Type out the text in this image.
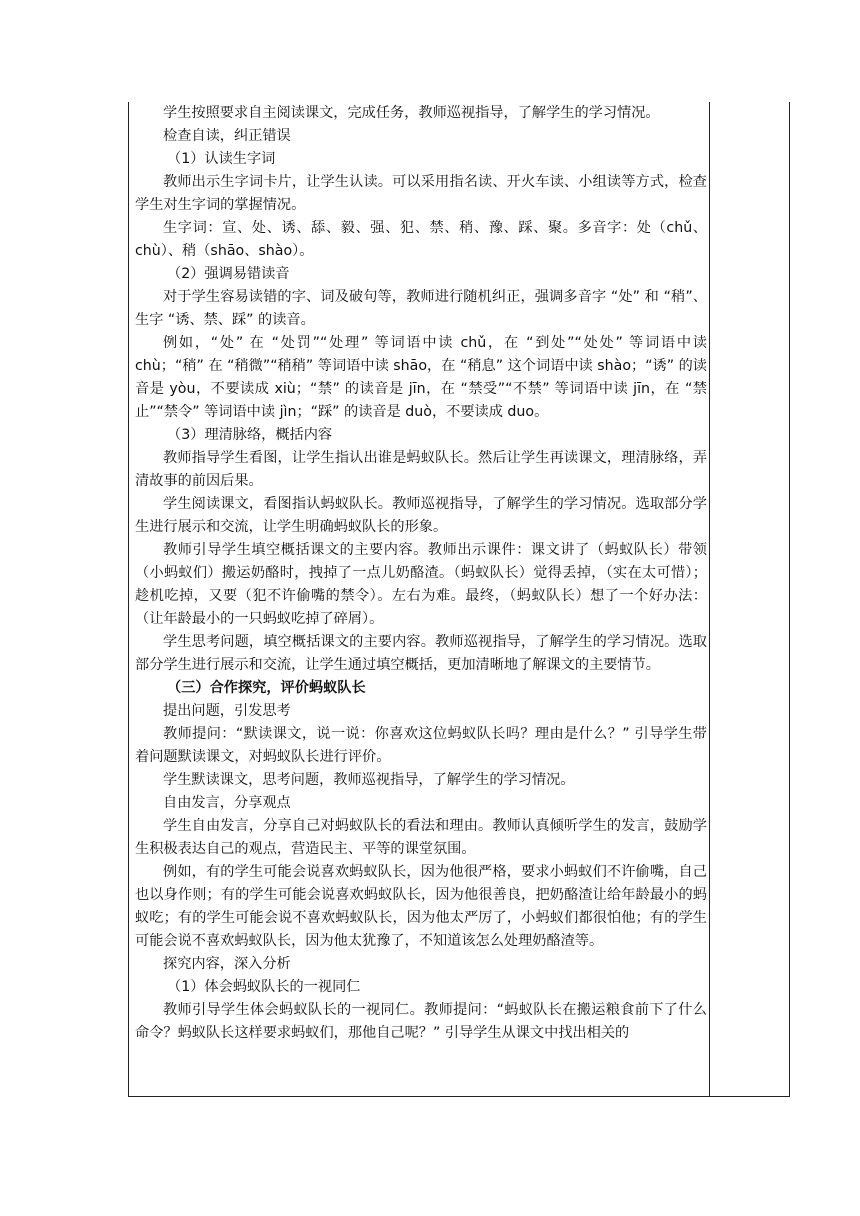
学生按照要求自主阅读课文，完成任务，教师巡视指导，了解学生的学习情况。

检查自读，纠正错误

（1）认读生字词

教师出示生字词卡片，让学生认读。可以采用指名读、开火车读、小组读等方式，检查学生对生字词的掌握情况。

生字词：宣、处、诱、舔、毅、强、犯、禁、稍、豫、踩、聚。多音字：处（chǔ、chù）、稍（shāo、shào）。

（2）强调易错读音

对于学生容易读错的字、词及破句等，教师进行随机纠正，强调多音字 “处” 和 “稍”、生字 “诱、禁、踩” 的读音。

例如，“处” 在 “处罚”“处理” 等词语中读 chǔ，在 “到处”“处处” 等词语中读 chù；“稍” 在 “稍微”“稍稍” 等词语中读 shāo，在 “稍息” 这个词语中读 shào；“诱” 的读音是 yòu，不要读成 xiù；“禁” 的读音是 jīn，在 “禁受”“不禁” 等词语中读 jīn，在 “禁止”“禁令” 等词语中读 jìn；“踩” 的读音是 duò，不要读成 duo。

（3）理清脉络，概括内容

教师指导学生看图，让学生指认出谁是蚂蚁队长。然后让学生再读课文，理清脉络，弄清故事的前因后果。

学生阅读课文，看图指认蚂蚁队长。教师巡视指导，了解学生的学习情况。选取部分学生进行展示和交流，让学生明确蚂蚁队长的形象。

教师引导学生填空概括课文的主要内容。教师出示课件：课文讲了（蚂蚁队长）带领（小蚂蚁们）搬运奶酪时，拽掉了一点儿奶酪渣。（蚂蚁队长）觉得丢掉，（实在太可惜）；趁机吃掉，又要（犯不许偷嘴的禁令）。左右为难。最终，（蚂蚁队长）想了一个好办法：（让年龄最小的一只蚂蚁吃掉了碎屑）。

学生思考问题，填空概括课文的主要内容。教师巡视指导，了解学生的学习情况。选取部分学生进行展示和交流，让学生通过填空概括，更加清晰地了解课文的主要情节。

（三）合作探究，评价蚂蚁队长

提出问题，引发思考

教师提问：“默读课文，说一说：你喜欢这位蚂蚁队长吗？理由是什么？” 引导学生带着问题默读课文，对蚂蚁队长进行评价。

学生默读课文，思考问题，教师巡视指导，了解学生的学习情况。

自由发言，分享观点

学生自由发言，分享自己对蚂蚁队长的看法和理由。教师认真倾听学生的发言，鼓励学生积极表达自己的观点，营造民主、平等的课堂氛围。

例如，有的学生可能会说喜欢蚂蚁队长，因为他很严格，要求小蚂蚁们不许偷嘴，自己也以身作则；有的学生可能会说喜欢蚂蚁队长，因为他很善良，把奶酪渣让给年龄最小的蚂蚁吃；有的学生可能会说不喜欢蚂蚁队长，因为他太严厉了，小蚂蚁们都很怕他；有的学生可能会说不喜欢蚂蚁队长，因为他太犹豫了，不知道该怎么处理奶酪渣等。

探究内容，深入分析

（1）体会蚂蚁队长的一视同仁

教师引导学生体会蚂蚁队长的一视同仁。教师提问：“蚂蚁队长在搬运粮食前下了什么命令？蚂蚁队长这样要求蚂蚁们，那他自己呢？” 引导学生从课文中找出相关的
